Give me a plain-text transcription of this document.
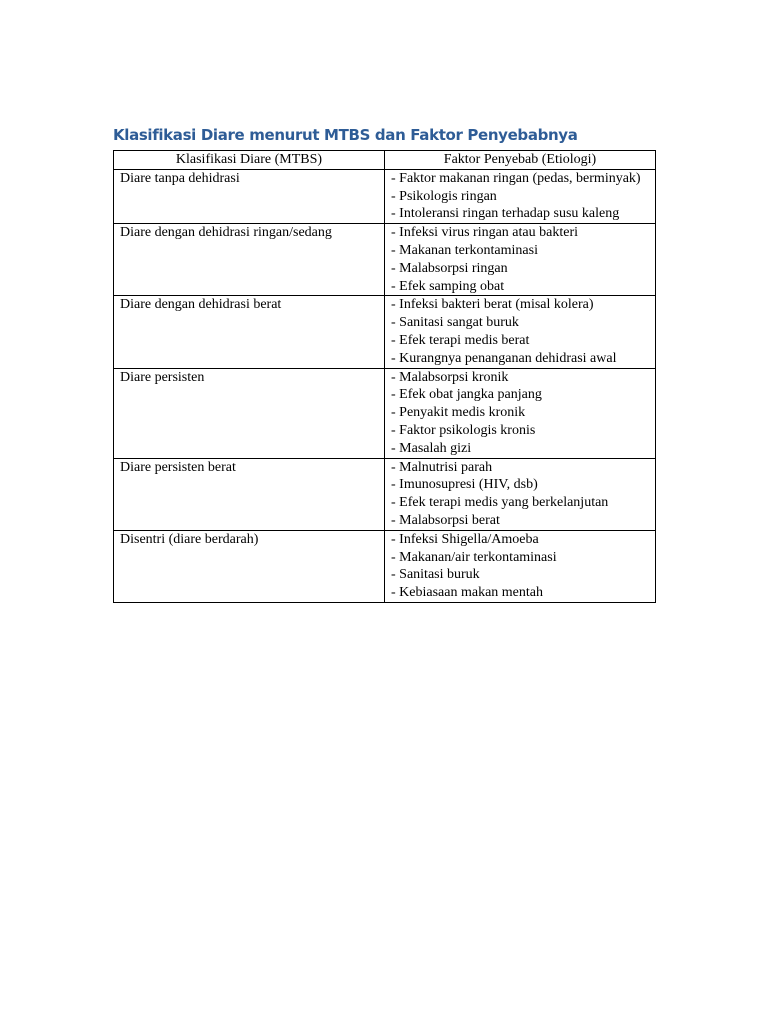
Klasifikasi Diare menurut MTBS dan Faktor Penyebabnya
Klasifikasi Diare (MTBS)	Faktor Penyebab (Etiologi)
Diare tanpa dehidrasi	- Faktor makanan ringan (pedas, berminyak)
- Psikologis ringan
- Intoleransi ringan terhadap susu kaleng
Diare dengan dehidrasi ringan/sedang	- Infeksi virus ringan atau bakteri
- Makanan terkontaminasi
- Malabsorpsi ringan
- Efek samping obat
Diare dengan dehidrasi berat	- Infeksi bakteri berat (misal kolera)
- Sanitasi sangat buruk
- Efek terapi medis berat
- Kurangnya penanganan dehidrasi awal
Diare persisten	- Malabsorpsi kronik
- Efek obat jangka panjang
- Penyakit medis kronik
- Faktor psikologis kronis
- Masalah gizi
Diare persisten berat	- Malnutrisi parah
- Imunosupresi (HIV, dsb)
- Efek terapi medis yang berkelanjutan
- Malabsorpsi berat
Disentri (diare berdarah)	- Infeksi Shigella/Amoeba
- Makanan/air terkontaminasi
- Sanitasi buruk
- Kebiasaan makan mentah
